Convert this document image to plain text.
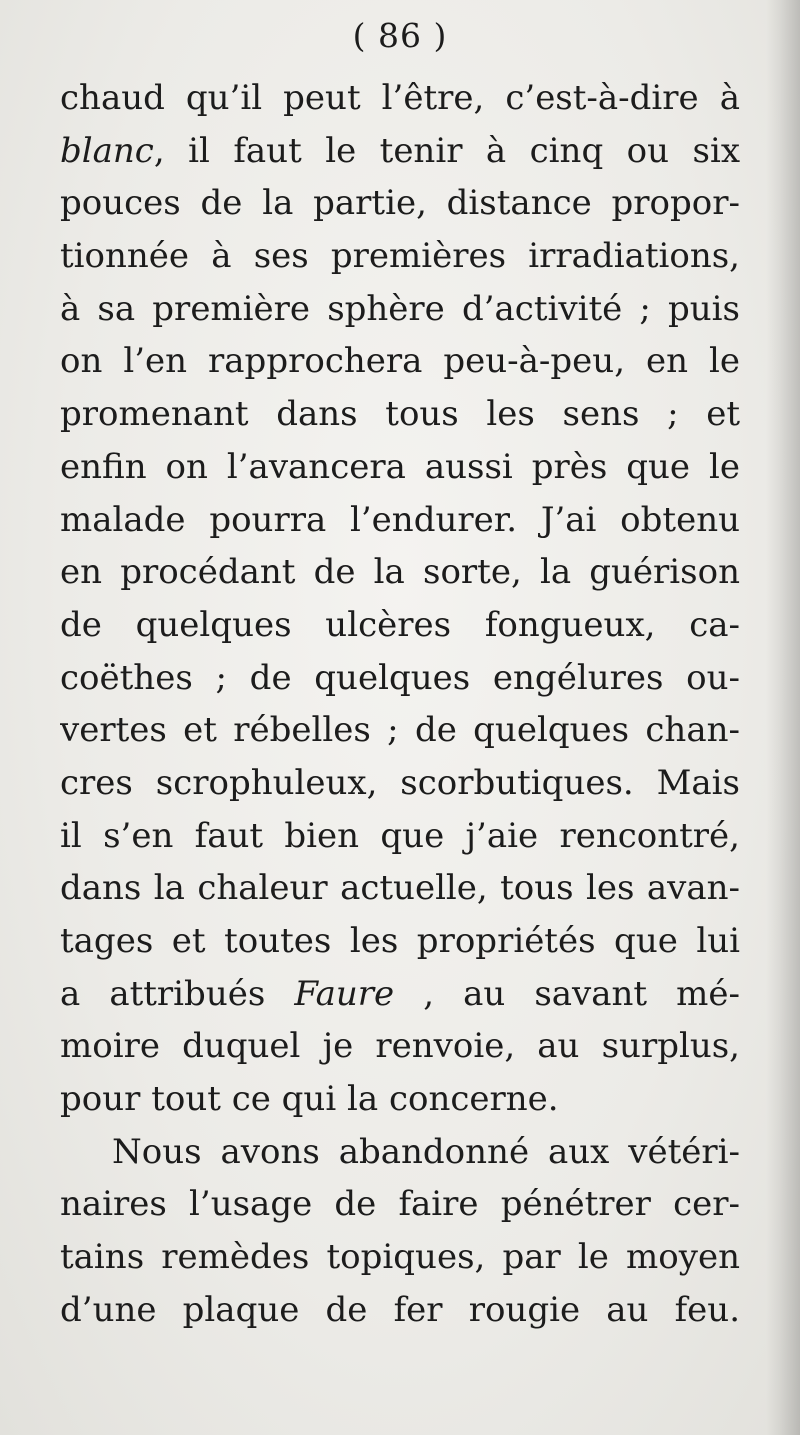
( 86 )
chaud qu’il peut l’être, c’est-à-dire à
blanc, il faut le tenir à cinq ou six
pouces de la partie, distance propor-
tionnée à ses premières irradiations,
à sa première sphère d’activité ; puis
on l’en rapprochera peu-à-peu, en le
promenant dans tous les sens ; et
enfin on l’avancera aussi près que le
malade pourra l’endurer. J’ai obtenu
en procédant de la sorte, la guérison
de quelques ulcères fongueux, ca-
coëthes ; de quelques engélures ou-
vertes et rébelles ; de quelques chan-
cres scrophuleux, scorbutiques. Mais
il s’en faut bien que j’aie rencontré,
dans la chaleur actuelle, tous les avan-
tages et toutes les propriétés que lui
a attribués Faure , au savant mé-
moire duquel je renvoie, au surplus,
pour tout ce qui la concerne.
Nous avons abandonné aux vétéri-
naires l’usage de faire pénétrer cer-
tains remèdes topiques, par le moyen
d’une plaque de fer rougie au feu.
